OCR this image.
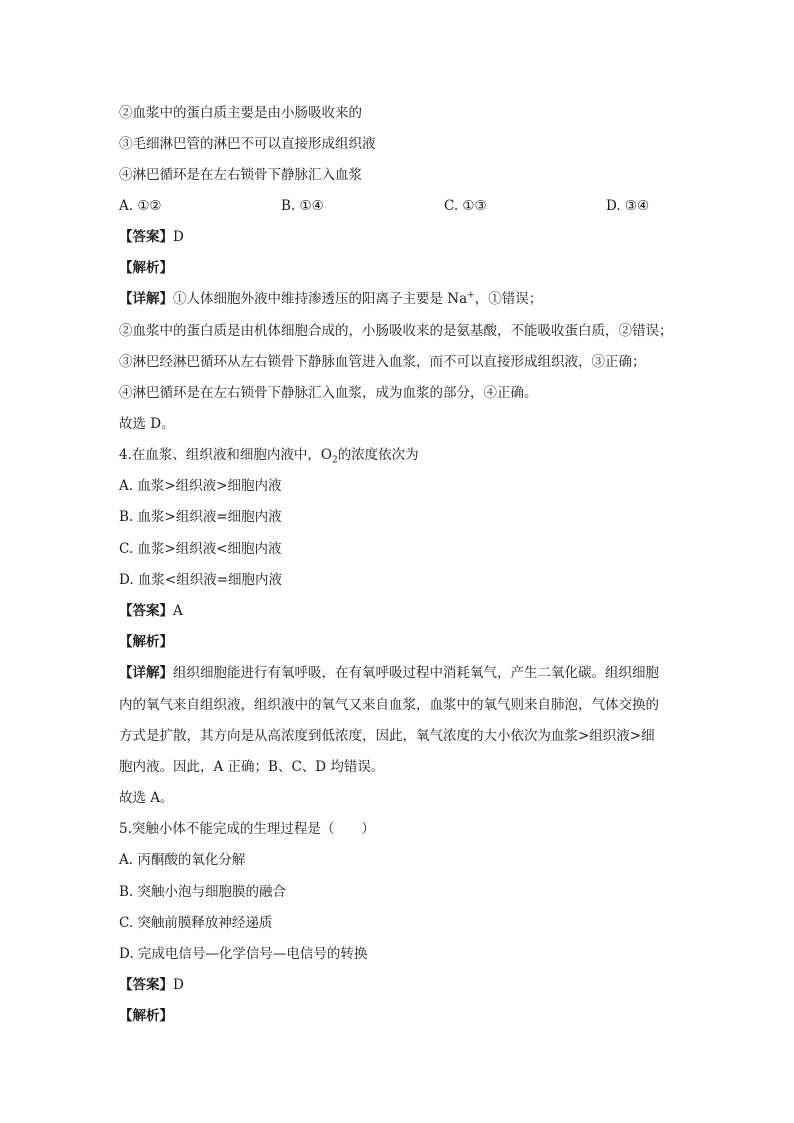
②血浆中的蛋白质主要是由小肠吸收来的
③毛细淋巴管的淋巴不可以直接形成组织液
④淋巴循环是在左右锁骨下静脉汇入血浆
A. ①②	B. ①④	C. ①③	D. ③④
【答案】D
【解析】
【详解】①人体细胞外液中维持渗透压的阳离子主要是 Na+，①错误；
②血浆中的蛋白质是由机体细胞合成的，小肠吸收来的是氨基酸，不能吸收蛋白质，②错误；
③淋巴经淋巴循环从左右锁骨下静脉血管进入血浆，而不可以直接形成组织液，③正确；
④淋巴循环是在左右锁骨下静脉汇入血浆，成为血浆的部分，④正确。
故选 D。
4.在血浆、组织液和细胞内液中，$O_2$的浓度依次为
A. 血浆>组织液>细胞内液
B. 血浆>组织液=细胞内液
C. 血浆>组织液<细胞内液
D. 血浆<组织液=细胞内液
【答案】A
【解析】
【详解】组织细胞能进行有氧呼吸，在有氧呼吸过程中消耗氧气，产生二氧化碳。组织细胞
内的氧气来自组织液，组织液中的氧气又来自血浆，血浆中的氧气则来自肺泡，气体交换的
方式是扩散，其方向是从高浓度到低浓度，因此，氧气浓度的大小依次为血浆>组织液>细
胞内液。因此，A 正确；B、C、D 均错误。
故选 A。
5.突触小体不能完成的生理过程是（　　）
A. 丙酮酸的氧化分解
B. 突触小泡与细胞膜的融合
C. 突触前膜释放神经递质
D. 完成电信号—化学信号—电信号的转换
【答案】D
【解析】
